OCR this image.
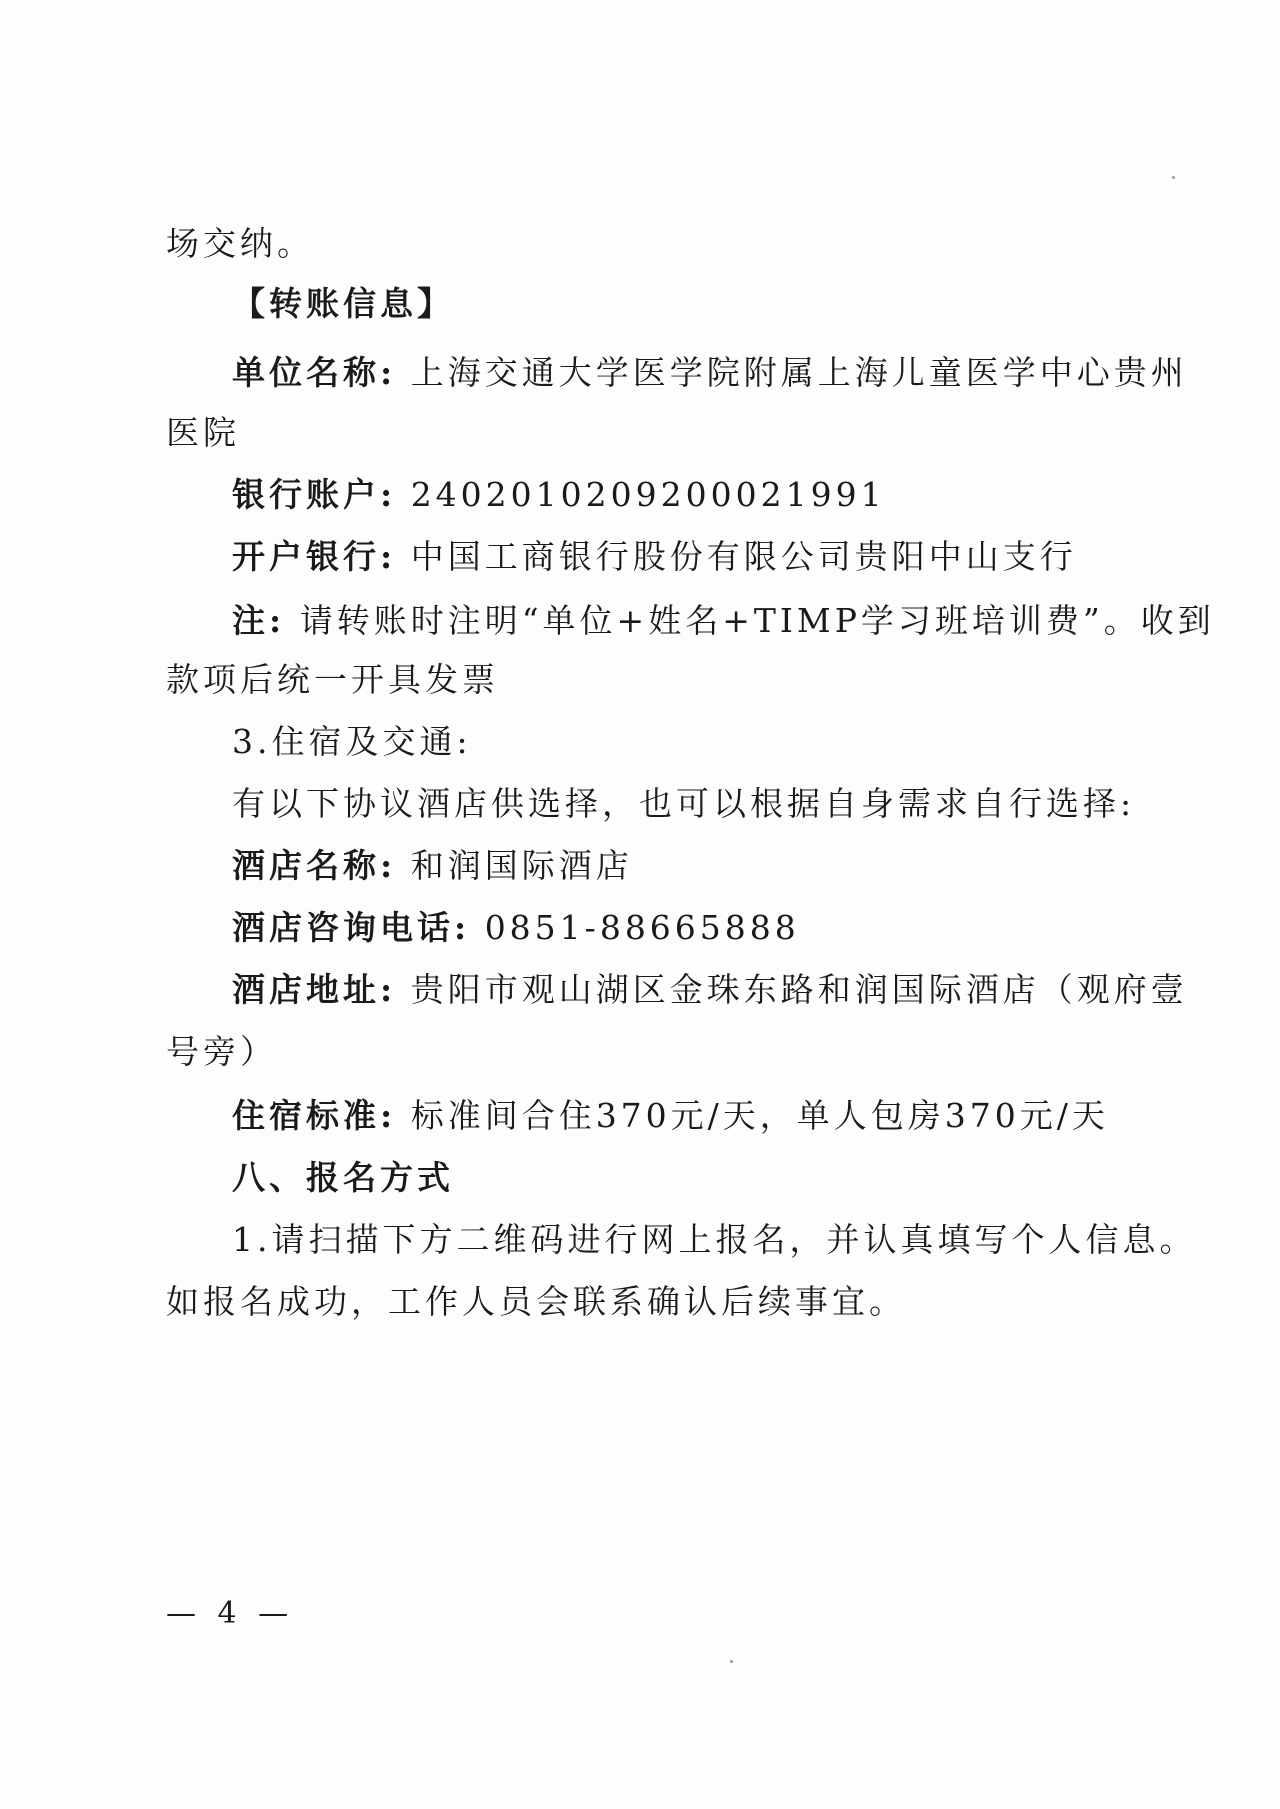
场交纳。
【转账信息】
单位名称: 上海交通大学医学院附属上海儿童医学中心贵州
医院
银行账户: 2402010209200021991
开户银行: 中国工商银行股份有限公司贵阳中山支行
注: 请转账时注明“单位+姓名+TIMP学习班培训费”。收到
款项后统一开具发票
3.住宿及交通:
有以下协议酒店供选择，也可以根据自身需求自行选择:
酒店名称: 和润国际酒店
酒店咨询电话: 0851-88665888
酒店地址: 贵阳市观山湖区金珠东路和润国际酒店（观府壹
号旁）
住宿标准: 标准间合住370元/天，单人包房370元/天
八、报名方式
1.请扫描下方二维码进行网上报名，并认真填写个人信息。
如报名成功，工作人员会联系确认后续事宜。
— 4 —
